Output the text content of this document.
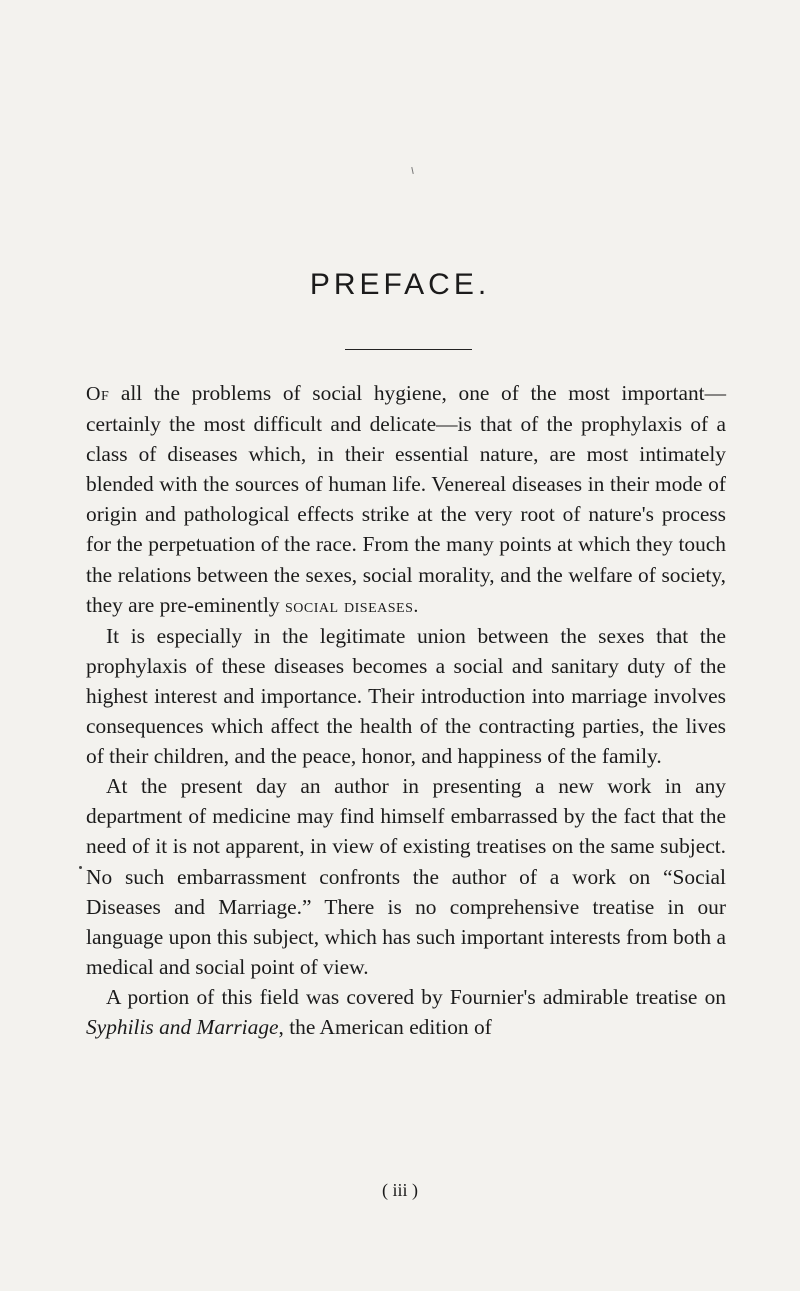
PREFACE.

Of all the problems of social hygiene, one of the most important—certainly the most difficult and delicate—is that of the prophylaxis of a class of diseases which, in their essential nature, are most intimately blended with the sources of human life. Venereal diseases in their mode of origin and pathological effects strike at the very root of nature's process for the perpetuation of the race. From the many points at which they touch the relations between the sexes, social morality, and the welfare of society, they are pre-eminently social diseases.

It is especially in the legitimate union between the sexes that the prophylaxis of these diseases becomes a social and sanitary duty of the highest interest and importance. Their introduction into marriage involves consequences which affect the health of the contracting parties, the lives of their children, and the peace, honor, and happiness of the family.

At the present day an author in presenting a new work in any department of medicine may find himself embarrassed by the fact that the need of it is not apparent, in view of existing treatises on the same subject. No such embarrassment confronts the author of a work on “Social Diseases and Marriage.” There is no comprehensive treatise in our language upon this subject, which has such important interests from both a medical and social point of view.

A portion of this field was covered by Fournier's admirable treatise on Syphilis and Marriage, the American edition of

( iii )
